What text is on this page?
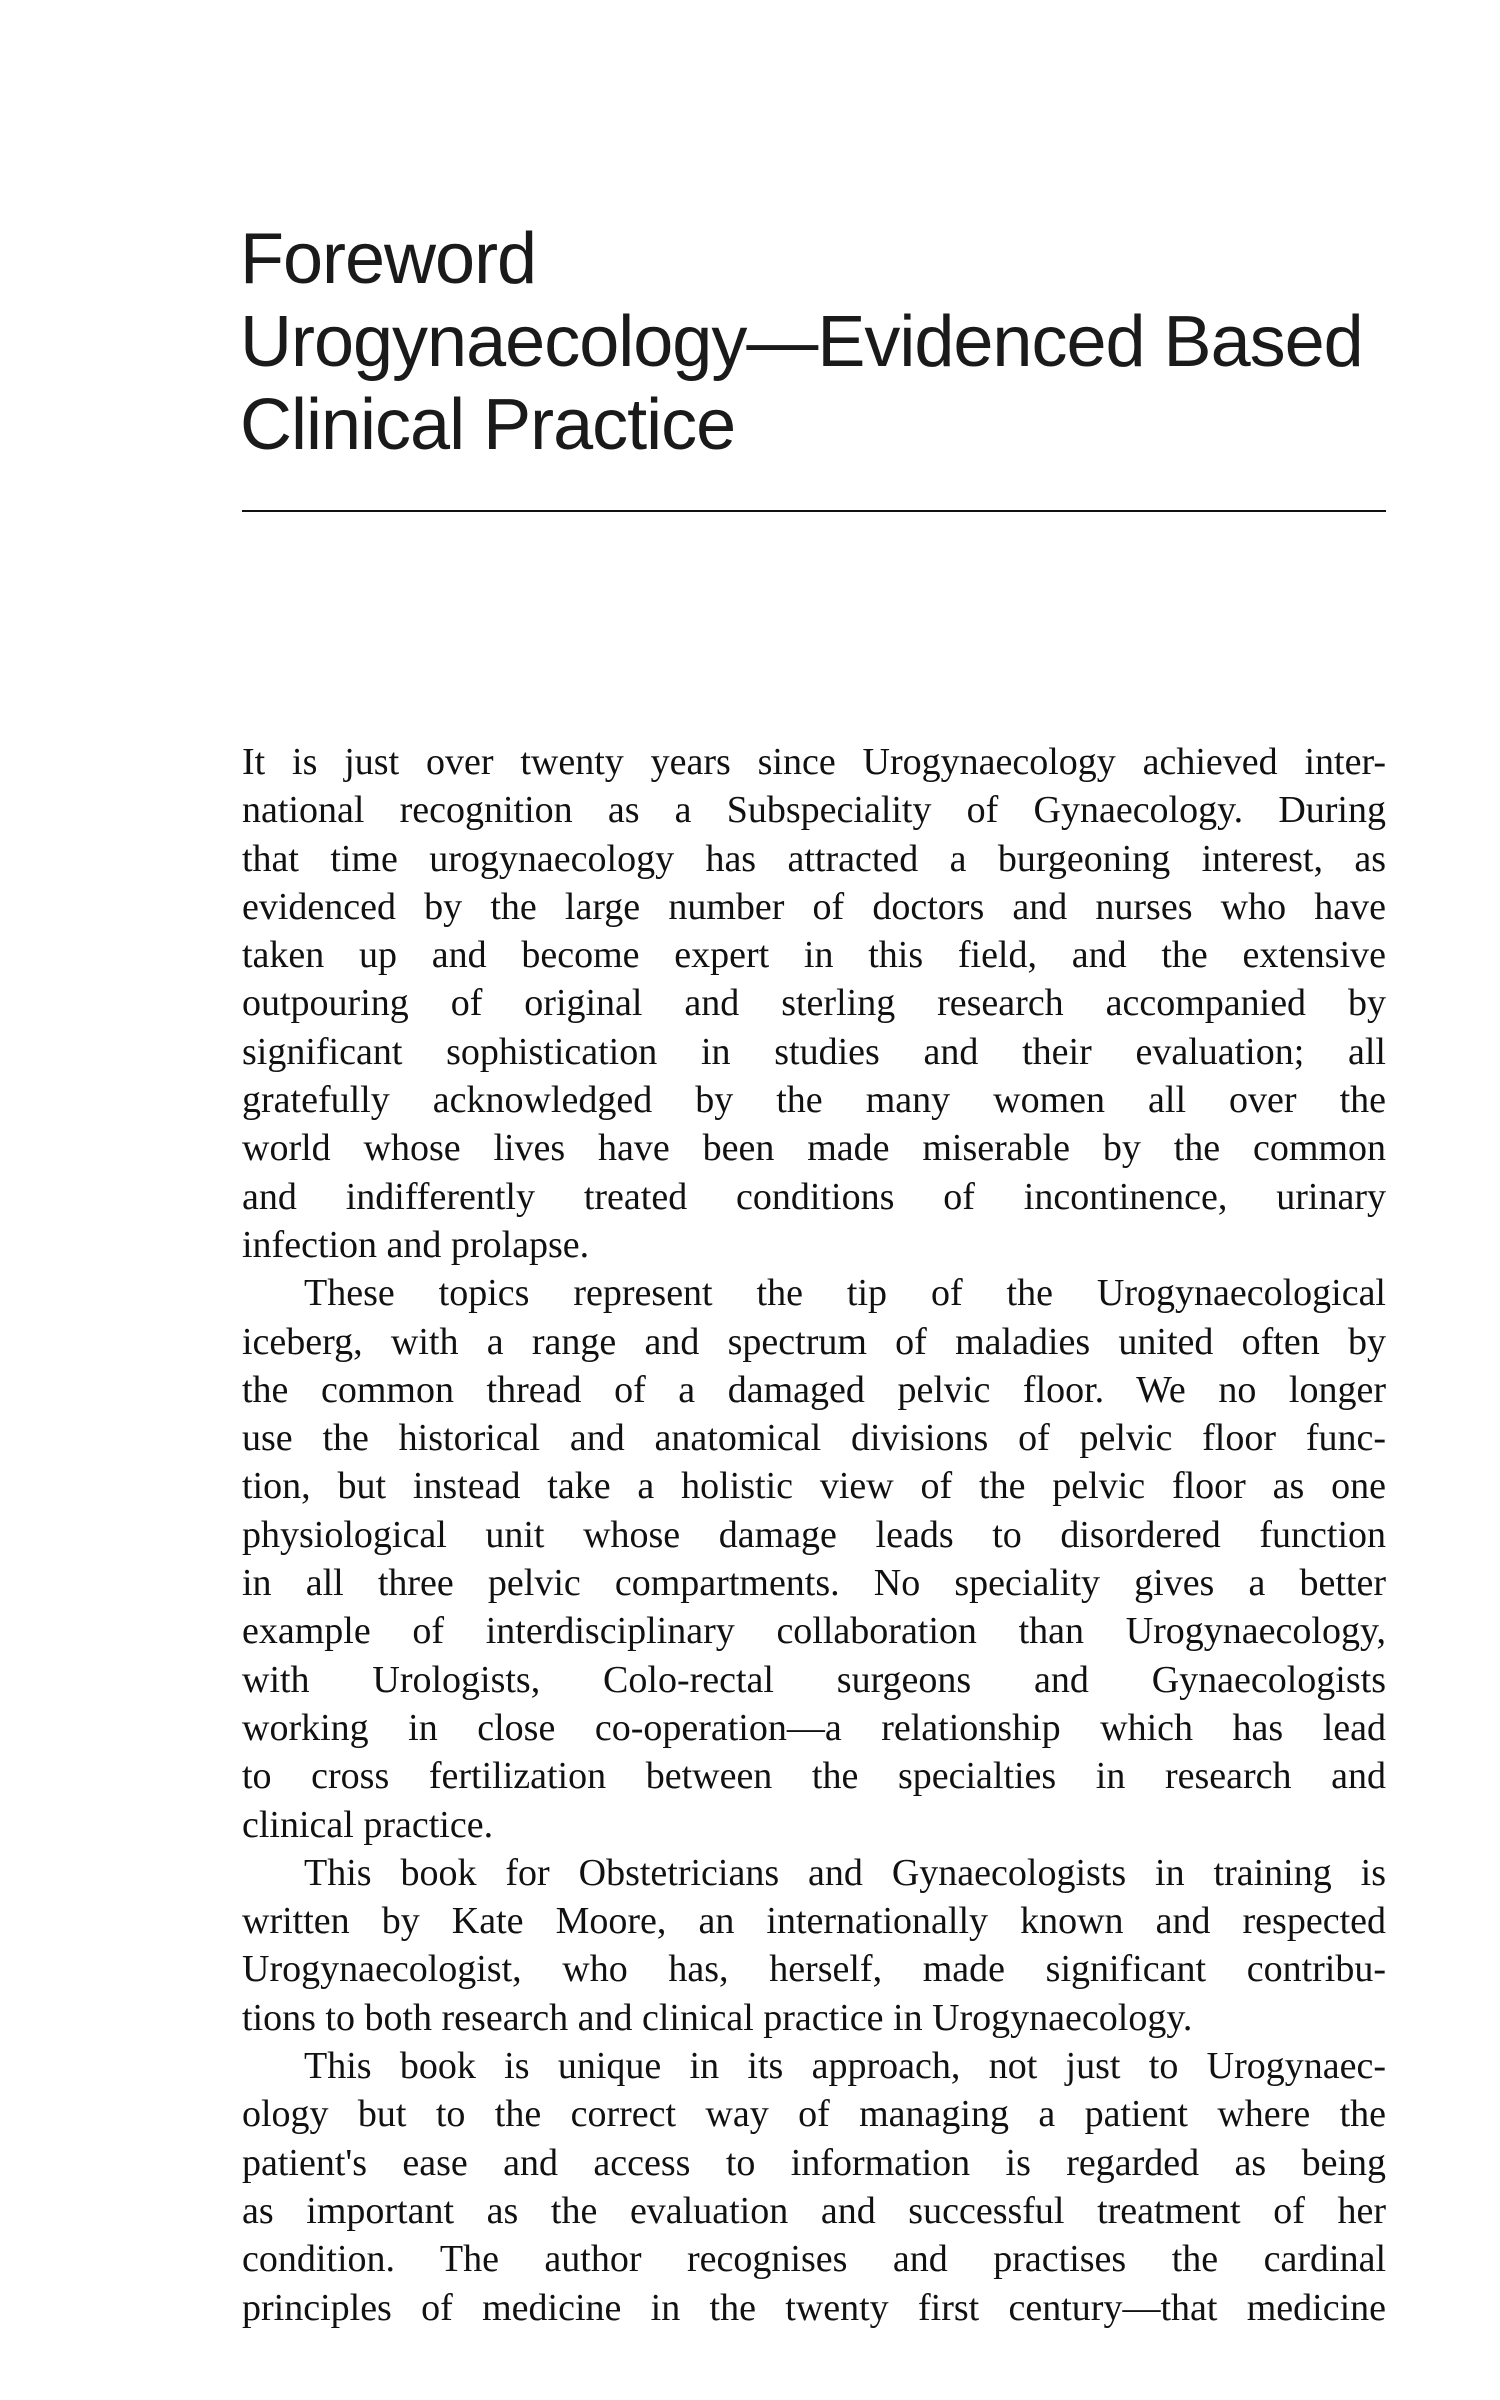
Foreword
Urogynaecology—Evidenced Based
Clinical Practice

It is just over twenty years since Urogynaecology achieved inter-
national recognition as a Subspeciality of Gynaecology. During
that time urogynaecology has attracted a burgeoning interest, as
evidenced by the large number of doctors and nurses who have
taken up and become expert in this field, and the extensive
outpouring of original and sterling research accompanied by
significant sophistication in studies and their evaluation; all
gratefully acknowledged by the many women all over the
world whose lives have been made miserable by the common
and indifferently treated conditions of incontinence, urinary
infection and prolapse.

These topics represent the tip of the Urogynaecological
iceberg, with a range and spectrum of maladies united often by
the common thread of a damaged pelvic floor. We no longer
use the historical and anatomical divisions of pelvic floor func-
tion, but instead take a holistic view of the pelvic floor as one
physiological unit whose damage leads to disordered function
in all three pelvic compartments. No speciality gives a better
example of interdisciplinary collaboration than Urogynaecology,
with Urologists, Colo-rectal surgeons and Gynaecologists
working in close co-operation—a relationship which has lead
to cross fertilization between the specialties in research and
clinical practice.

This book for Obstetricians and Gynaecologists in training is
written by Kate Moore, an internationally known and respected
Urogynaecologist, who has, herself, made significant contribu-
tions to both research and clinical practice in Urogynaecology.

This book is unique in its approach, not just to Urogynaec-
ology but to the correct way of managing a patient where the
patient's ease and access to information is regarded as being
as important as the evaluation and successful treatment of her
condition. The author recognises and practises the cardinal
principles of medicine in the twenty first century—that medicine
